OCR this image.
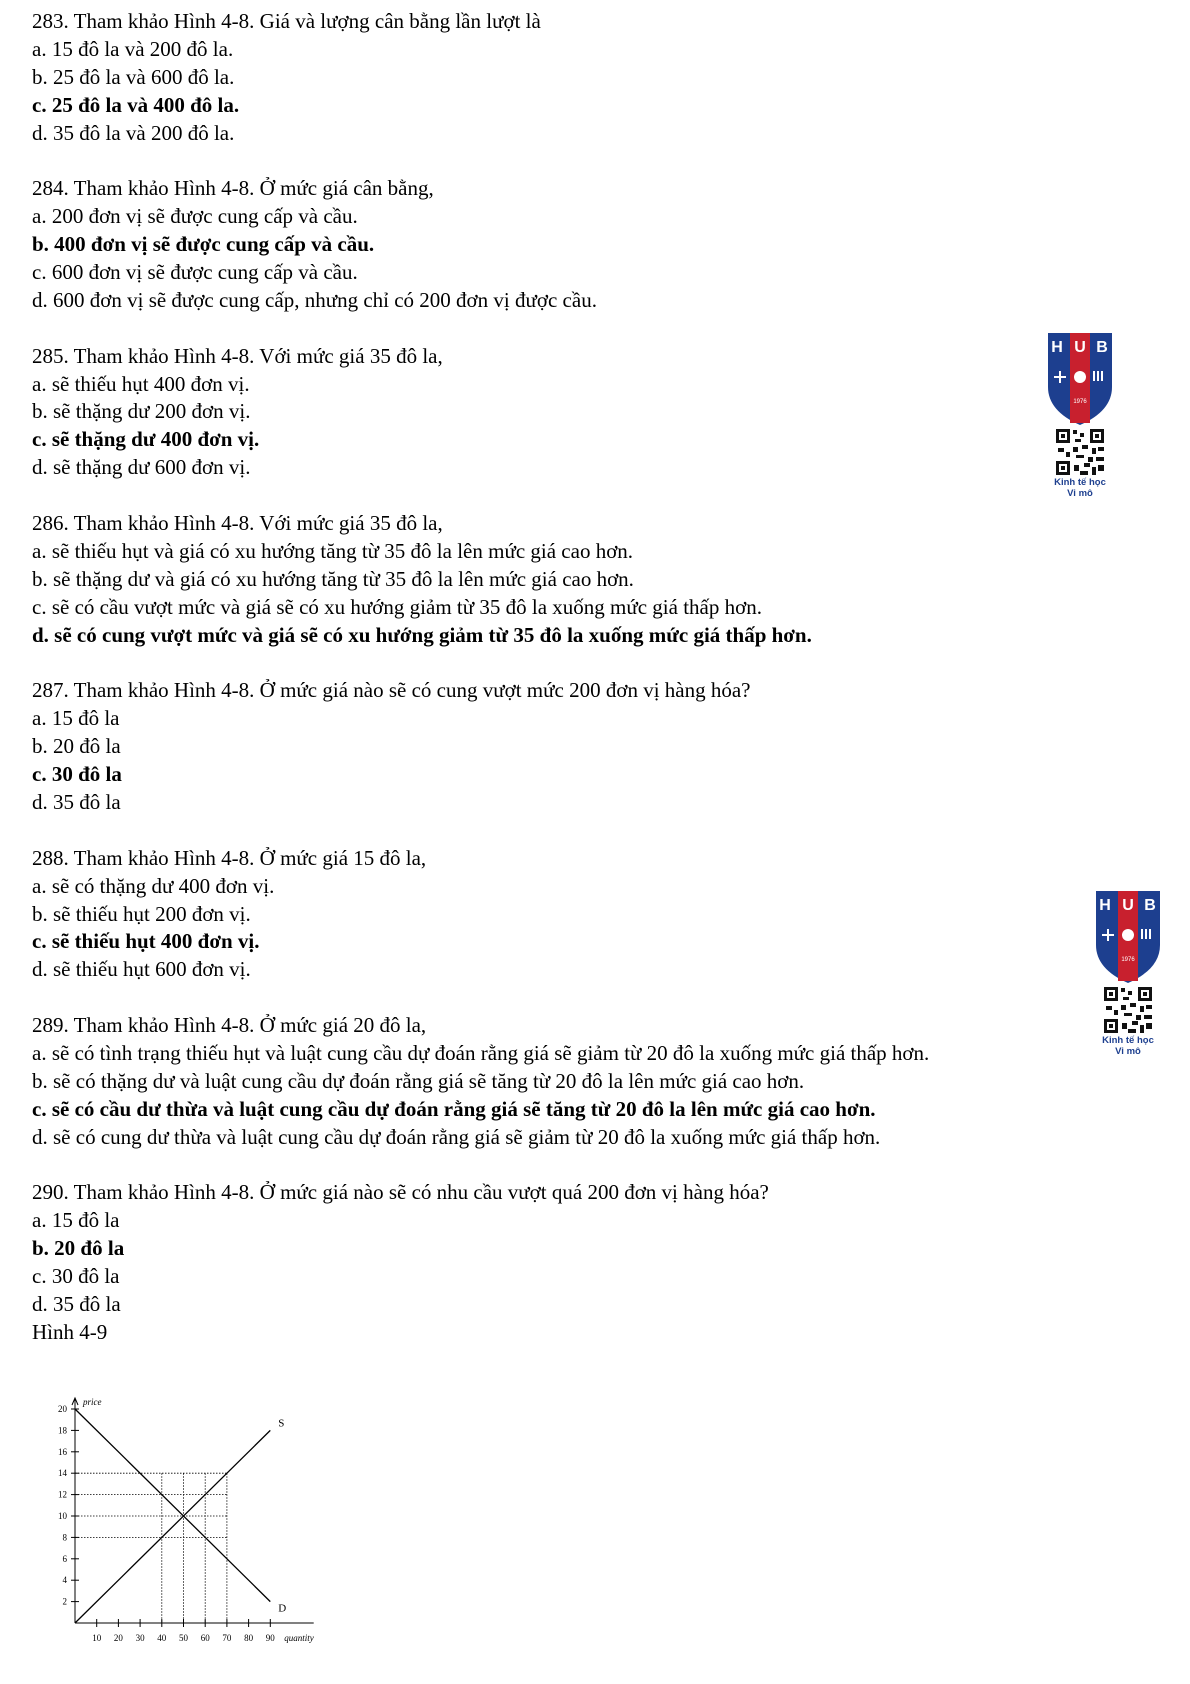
283. Tham khảo Hình 4-8. Giá và lượng cân bằng lần lượt là
a. 15 đô la và 200 đô la.
b. 25 đô la và 600 đô la.
c. 25 đô la và 400 đô la.
d. 35 đô la và 200 đô la.
284. Tham khảo Hình 4-8. Ở mức giá cân bằng,
a. 200 đơn vị sẽ được cung cấp và cầu.
b. 400 đơn vị sẽ được cung cấp và cầu.
c. 600 đơn vị sẽ được cung cấp và cầu.
d. 600 đơn vị sẽ được cung cấp, nhưng chỉ có 200 đơn vị được cầu.
285. Tham khảo Hình 4-8. Với mức giá 35 đô la,
a. sẽ thiếu hụt 400 đơn vị.
b. sẽ thặng dư 200 đơn vị.
c. sẽ thặng dư 400 đơn vị.
d. sẽ thặng dư 600 đơn vị.
286. Tham khảo Hình 4-8. Với mức giá 35 đô la,
a. sẽ thiếu hụt và giá có xu hướng tăng từ 35 đô la lên mức giá cao hơn.
b. sẽ thặng dư và giá có xu hướng tăng từ 35 đô la lên mức giá cao hơn.
c. sẽ có cầu vượt mức và giá sẽ có xu hướng giảm từ 35 đô la xuống mức giá thấp hơn.
d. sẽ có cung vượt mức và giá sẽ có xu hướng giảm từ 35 đô la xuống mức giá thấp hơn.
287. Tham khảo Hình 4-8. Ở mức giá nào sẽ có cung vượt mức 200 đơn vị hàng hóa?
a. 15 đô la
b. 20 đô la
c. 30 đô la
d. 35 đô la
288. Tham khảo Hình 4-8. Ở mức giá 15 đô la,
a. sẽ có thặng dư 400 đơn vị.
b. sẽ thiếu hụt 200 đơn vị.
c. sẽ thiếu hụt 400 đơn vị.
d. sẽ thiếu hụt 600 đơn vị.
289. Tham khảo Hình 4-8. Ở mức giá 20 đô la,
a. sẽ có tình trạng thiếu hụt và luật cung cầu dự đoán rằng giá sẽ giảm từ 20 đô la xuống mức giá thấp hơn.
b. sẽ có thặng dư và luật cung cầu dự đoán rằng giá sẽ tăng từ 20 đô la lên mức giá cao hơn.
c. sẽ có cầu dư thừa và luật cung cầu dự đoán rằng giá sẽ tăng từ 20 đô la lên mức giá cao hơn.
d. sẽ có cung dư thừa và luật cung cầu dự đoán rằng giá sẽ giảm từ 20 đô la xuống mức giá thấp hơn.
290. Tham khảo Hình 4-8. Ở mức giá nào sẽ có nhu cầu vượt quá 200 đơn vị hàng hóa?
a. 15 đô la
b. 20 đô la
c. 30 đô la
d. 35 đô la
Hình 4-9
H U B
1976
Kinh tế học
Vi mô
H U B
1976
Kinh tế học
Vi mô
2
4
6
8
10
12
14
16
18
20
10 20 30 40 50 60 70 80 90
S
D
price
quantity
